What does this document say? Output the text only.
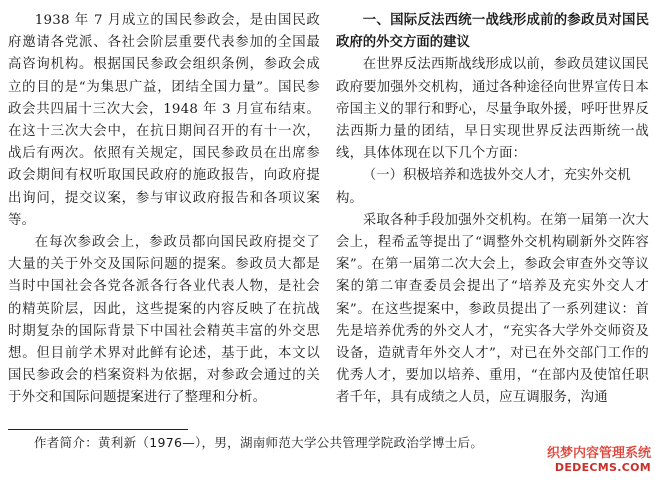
1938 年 7 月成立的国民参政会，是由国民政府邀请各党派、各社会阶层重要代表参加的全国最高咨询机构。根据国民参政会组织条例，参政会成立的目的是“为集思广益，团结全国力量”。国民参政会共四届十三次大会，1948 年 3 月宣布结束。在这十三次大会中，在抗日期间召开的有十一次，战后有两次。依照有关规定，国民参政员在出席参政会期间有权听取国民政府的施政报告，向政府提出询问，提交议案，参与审议政府报告和各项议案等。

在每次参政会上，参政员都向国民政府提交了大量的关于外交及国际问题的提案。参政员大都是当时中国社会各党各派各行各业代表人物，是社会的精英阶层，因此，这些提案的内容反映了在抗战时期复杂的国际背景下中国社会精英丰富的外交思想。但目前学术界对此鲜有论述，基于此，本文以国民参政会的档案资料为依据，对参政会通过的关于外交和国际问题提案进行了整理和分析。

一、国际反法西统一战线形成前的参政员对国民政府的外交方面的建议

在世界反法西斯战线形成以前，参政员建议国民政府要加强外交机构，通过各种途径向世界宣传日本帝国主义的罪行和野心，尽量争取外援，呼吁世界反法西斯力量的团结，早日实现世界反法西斯统一战线，具体体现在以下几个方面：

（一）积极培养和选拔外交人才，充实外交机构。

采取各种手段加强外交机构。在第一届第一次大会上，程希孟等提出了“调整外交机构刷新外交阵容案”。在第一届第二次大会上，参政会审查外交等议案的第二审查委员会提出了“培养及充实外交人才案”。在这些提案中，参政员提出了一系列建议：首先是培养优秀的外交人才，“充实各大学外交师资及设备，造就青年外交人才”，对已在外交部门工作的优秀人才，要加以培养、重用，“在部内及使馆任职者千年，具有成绩之人员，应互调服务，沟通

作者简介：黄利新（1976—），男，湖南师范大学公共管理学院政治学博士后。
织梦内容管理系统
DEDECMS.COM
